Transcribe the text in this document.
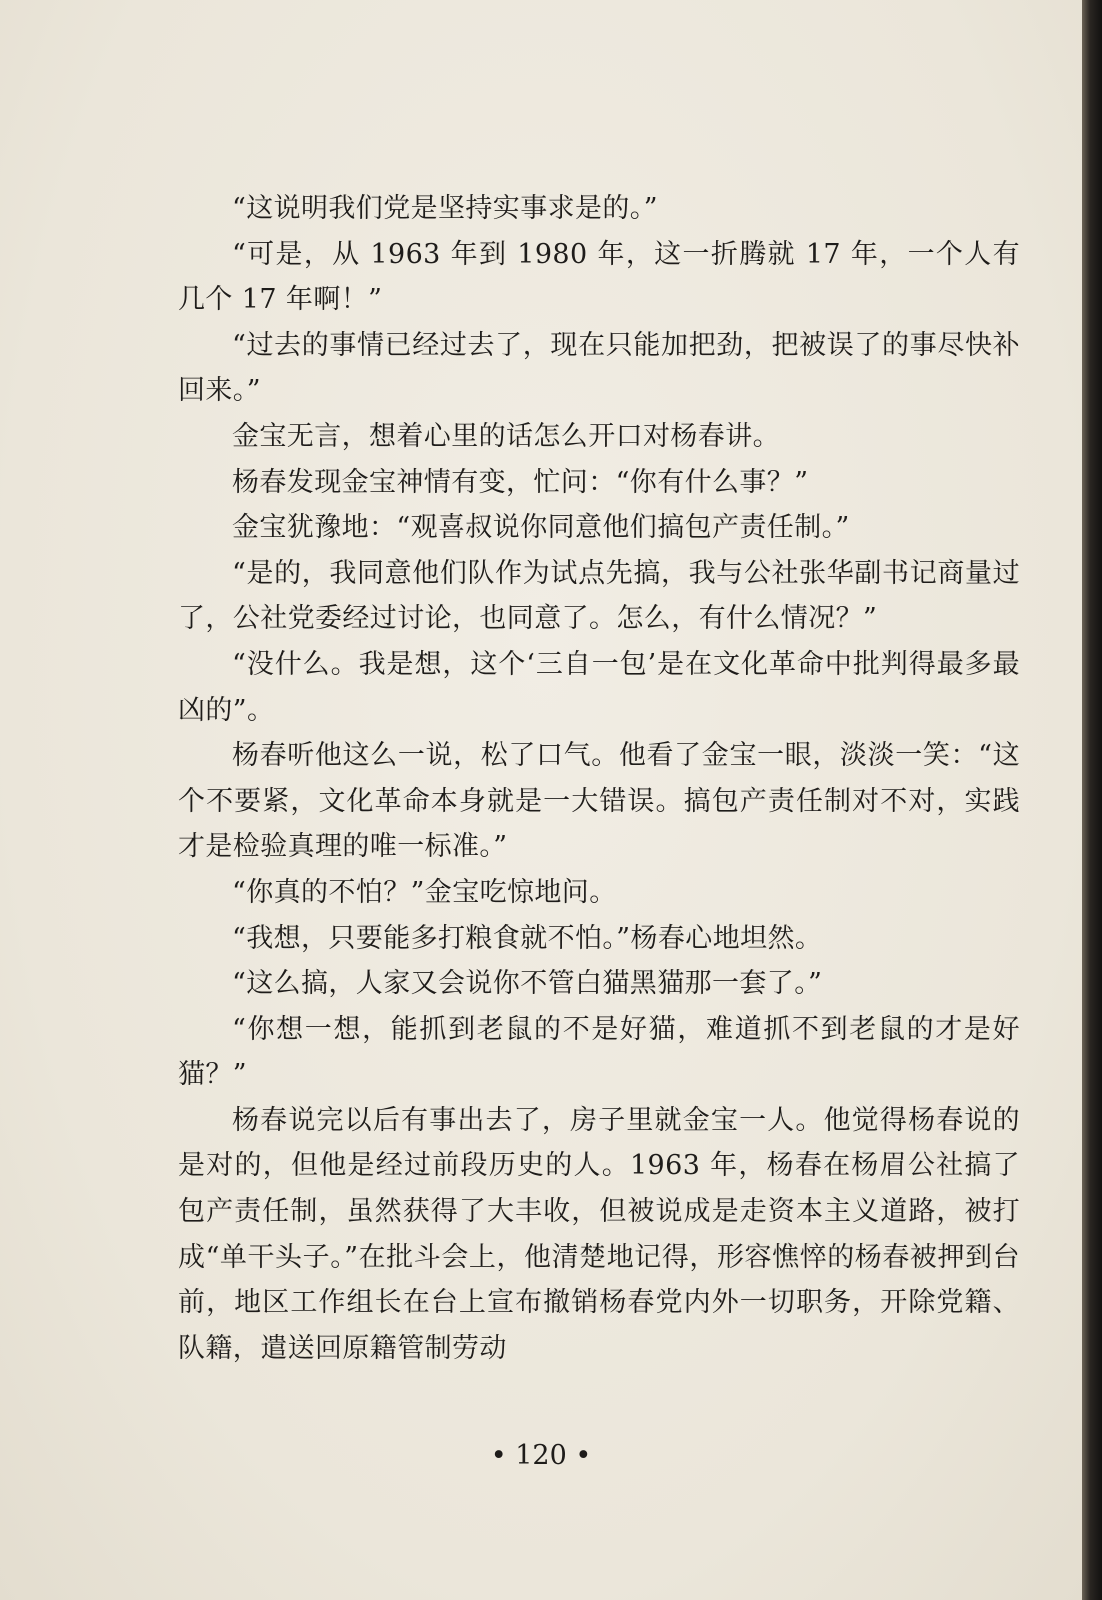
“这说明我们党是坚持实事求是的。”

“可是，从 1963 年到 1980 年，这一折腾就 17 年，一个人有几个 17 年啊！”

“过去的事情已经过去了，现在只能加把劲，把被误了的事尽快补回来。”

金宝无言，想着心里的话怎么开口对杨春讲。

杨春发现金宝神情有变，忙问：“你有什么事？”

金宝犹豫地：“观喜叔说你同意他们搞包产责任制。”

“是的，我同意他们队作为试点先搞，我与公社张华副书记商量过了，公社党委经过讨论，也同意了。怎么，有什么情况？”

“没什么。我是想，这个‘三自一包’是在文化革命中批判得最多最凶的”。

杨春听他这么一说，松了口气。他看了金宝一眼，淡淡一笑：“这个不要紧，文化革命本身就是一大错误。搞包产责任制对不对，实践才是检验真理的唯一标准。”

“你真的不怕？”金宝吃惊地问。

“我想，只要能多打粮食就不怕。”杨春心地坦然。

“这么搞，人家又会说你不管白猫黑猫那一套了。”

“你想一想，能抓到老鼠的不是好猫，难道抓不到老鼠的才是好猫？”

杨春说完以后有事出去了，房子里就金宝一人。他觉得杨春说的是对的，但他是经过前段历史的人。1963 年，杨春在杨眉公社搞了包产责任制，虽然获得了大丰收，但被说成是走资本主义道路，被打成“单干头子。”在批斗会上，他清楚地记得，形容憔悴的杨春被押到台前，地区工作组长在台上宣布撤销杨春党内外一切职务，开除党籍、队籍，遣送回原籍管制劳动

• 120 •
